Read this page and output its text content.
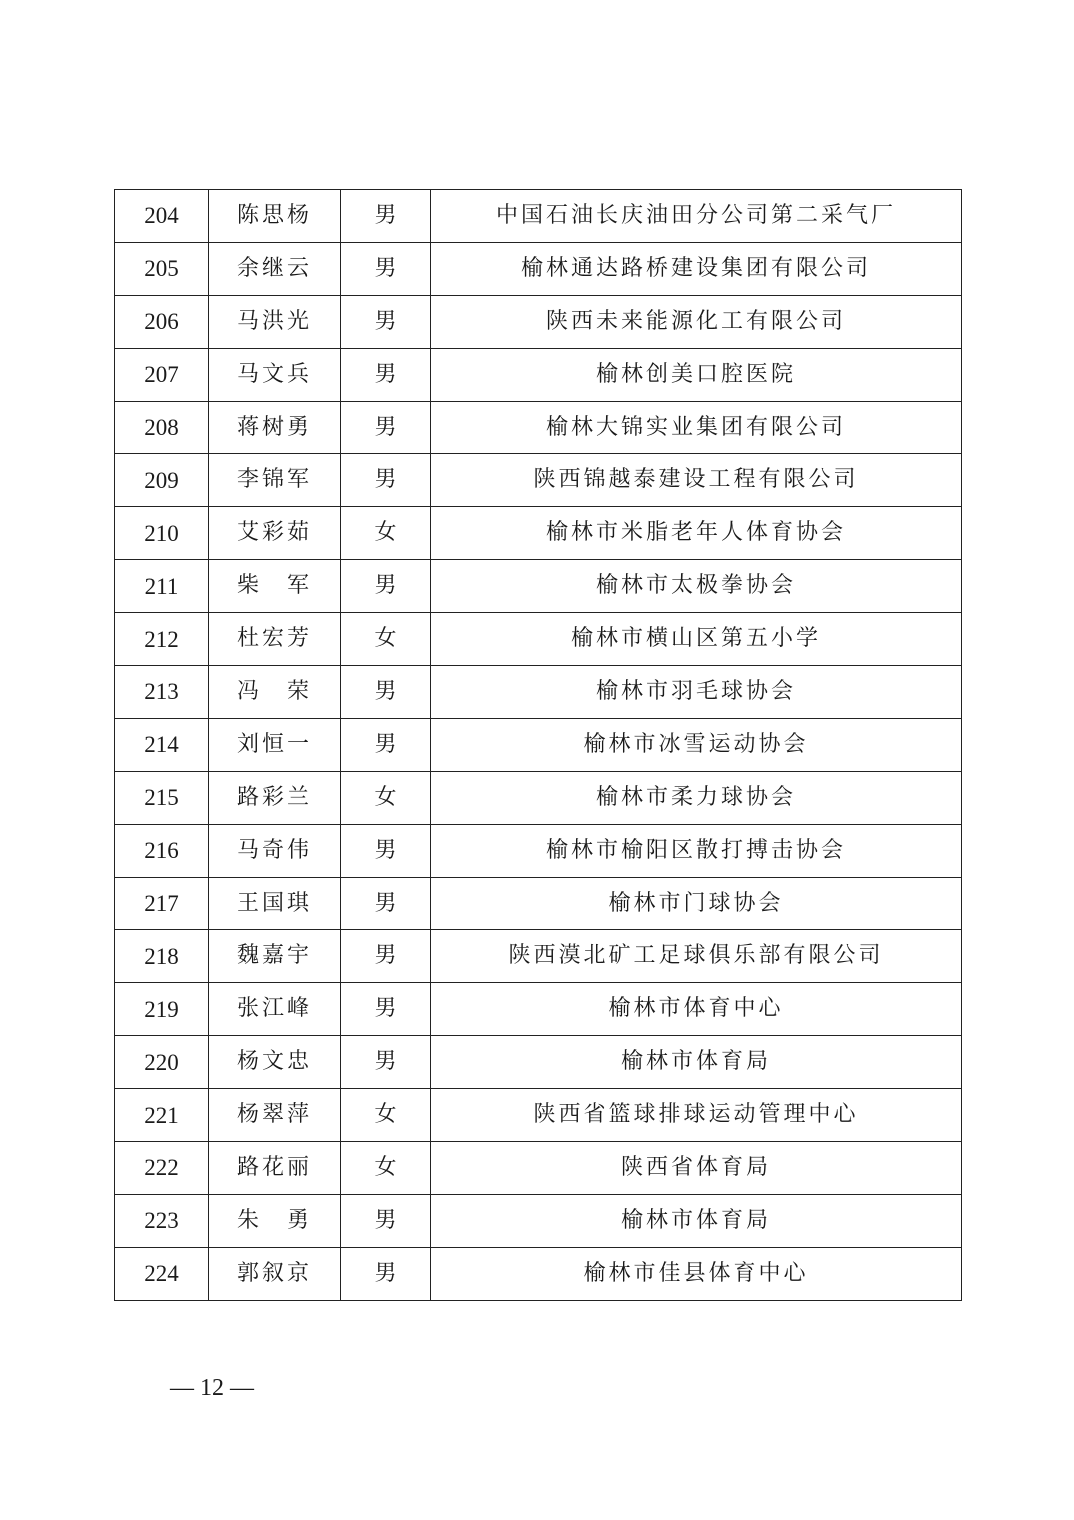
204	陈思杨	男	中国石油长庆油田分公司第二采气厂
205	余继云	男	榆林通达路桥建设集团有限公司
206	马洪光	男	陕西未来能源化工有限公司
207	马文兵	男	榆林创美口腔医院
208	蒋树勇	男	榆林大锦实业集团有限公司
209	李锦军	男	陕西锦越泰建设工程有限公司
210	艾彩茹	女	榆林市米脂老年人体育协会
211	柴　军	男	榆林市太极拳协会
212	杜宏芳	女	榆林市横山区第五小学
213	冯　荣	男	榆林市羽毛球协会
214	刘恒一	男	榆林市冰雪运动协会
215	路彩兰	女	榆林市柔力球协会
216	马奇伟	男	榆林市榆阳区散打搏击协会
217	王国琪	男	榆林市门球协会
218	魏嘉宇	男	陕西漠北矿工足球俱乐部有限公司
219	张江峰	男	榆林市体育中心
220	杨文忠	男	榆林市体育局
221	杨翠萍	女	陕西省篮球排球运动管理中心
222	路花丽	女	陕西省体育局
223	朱　勇	男	榆林市体育局
224	郭叙京	男	榆林市佳县体育中心
— 12 —
